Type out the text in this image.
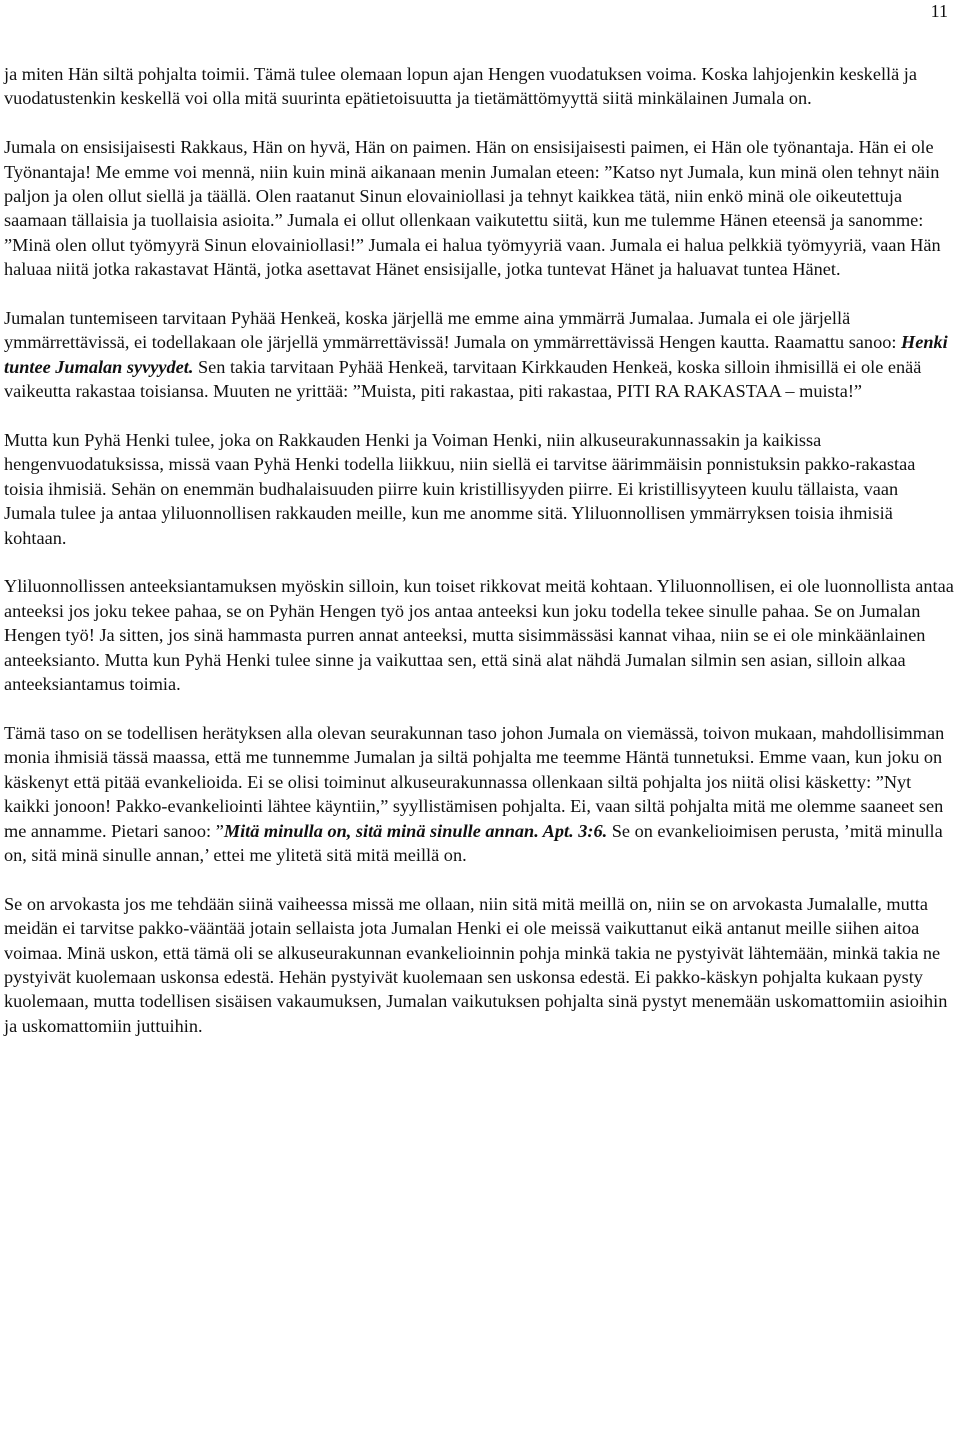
11

ja miten Hän siltä pohjalta toimii. Tämä tulee olemaan lopun ajan Hengen vuodatuksen voima. Koska lahjojenkin keskellä ja vuodatustenkin keskellä voi olla mitä suurinta epätietoisuutta ja tietämättömyyttä siitä minkälainen Jumala on.

Jumala on ensisijaisesti Rakkaus, Hän on hyvä, Hän on paimen. Hän on ensisijaisesti paimen, ei Hän ole työnantaja. Hän ei ole Työnantaja! Me emme voi mennä, niin kuin minä aikanaan menin Jumalan eteen: ”Katso nyt Jumala, kun minä olen tehnyt näin paljon ja olen ollut siellä ja täällä. Olen raatanut Sinun elovainiollasi ja tehnyt kaikkea tätä, niin enkö minä ole oikeutettuja saamaan tällaisia ja tuollaisia asioita.” Jumala ei ollut ollenkaan vaikutettu siitä, kun me tulemme Hänen eteensä ja sanomme: ”Minä olen ollut työmyyrä Sinun elovainiollasi!” Jumala ei halua työmyyriä vaan. Jumala ei halua pelkkiä työmyyriä, vaan Hän haluaa niitä jotka rakastavat Häntä, jotka asettavat Hänet ensisijalle, jotka tuntevat Hänet ja haluavat tuntea Hänet.

Jumalan tuntemiseen tarvitaan Pyhää Henkeä, koska järjellä me emme aina ymmärrä Jumalaa. Jumala ei ole järjellä ymmärrettävissä, ei todellakaan ole järjellä ymmärrettävissä! Jumala on ymmärrettävissä Hengen kautta. Raamattu sanoo: Henki tuntee Jumalan syvyydet. Sen takia tarvitaan Pyhää Henkeä, tarvitaan Kirkkauden Henkeä, koska silloin ihmisillä ei ole enää vaikeutta rakastaa toisiansa. Muuten ne yrittää: ”Muista, piti rakastaa, piti rakastaa, PITI RA RAKASTAA – muista!”

Mutta kun Pyhä Henki tulee, joka on Rakkauden Henki ja Voiman Henki, niin alkuseurakunnassakin ja kaikissa hengenvuodatuksissa, missä vaan Pyhä Henki todella liikkuu, niin siellä ei tarvitse äärimmäisin ponnistuksin pakko-rakastaa toisia ihmisiä. Sehän on enemmän budhalaisuuden piirre kuin kristillisyyden piirre. Ei kristillisyyteen kuulu tällaista, vaan Jumala tulee ja antaa yliluonnollisen rakkauden meille, kun me anomme sitä. Yliluonnollisen ymmärryksen toisia ihmisiä kohtaan.

Yliluonnollissen anteeksiantamuksen myöskin silloin, kun toiset rikkovat meitä kohtaan. Yliluonnollisen, ei ole luonnollista antaa anteeksi jos joku tekee pahaa, se on Pyhän Hengen työ jos antaa anteeksi kun joku todella tekee sinulle pahaa. Se on Jumalan Hengen työ! Ja sitten, jos sinä hammasta purren annat anteeksi, mutta sisimmässäsi kannat vihaa, niin se ei ole minkäänlainen anteeksianto. Mutta kun Pyhä Henki tulee sinne ja vaikuttaa sen, että sinä alat nähdä Jumalan silmin sen asian, silloin alkaa anteeksiantamus toimia.

Tämä taso on se todellisen herätyksen alla olevan seurakunnan taso johon Jumala on viemässä, toivon mukaan, mahdollisimman monia ihmisiä tässä maassa, että me tunnemme Jumalan ja siltä pohjalta me teemme Häntä tunnetuksi. Emme vaan, kun joku on käskenyt että pitää evankelioida. Ei se olisi toiminut alkuseurakunnassa ollenkaan siltä pohjalta jos niitä olisi käsketty: ”Nyt kaikki jonoon! Pakko-evankeliointi lähtee käyntiin,” syyllistämisen pohjalta. Ei, vaan siltä pohjalta mitä me olemme saaneet sen me annamme. Pietari sanoo: ”Mitä minulla on, sitä minä sinulle annan. Apt. 3:6. Se on evankelioimisen perusta, ’mitä minulla on, sitä minä sinulle annan,’ ettei me ylitetä sitä mitä meillä on.

Se on arvokasta jos me tehdään siinä vaiheessa missä me ollaan, niin sitä mitä meillä on, niin se on arvokasta Jumalalle, mutta meidän ei tarvitse pakko-vääntää jotain sellaista jota Jumalan Henki ei ole meissä vaikuttanut eikä antanut meille siihen aitoa voimaa. Minä uskon, että tämä oli se alkuseurakunnan evankelioinnin pohja minkä takia ne pystyivät lähtemään, minkä takia ne pystyivät kuolemaan uskonsa edestä. Hehän pystyivät kuolemaan sen uskonsa edestä. Ei pakko-käskyn pohjalta kukaan pysty kuolemaan, mutta todellisen sisäisen vakaumuksen, Jumalan vaikutuksen pohjalta sinä pystyt menemään uskomattomiin asioihin ja uskomattomiin juttuihin.
